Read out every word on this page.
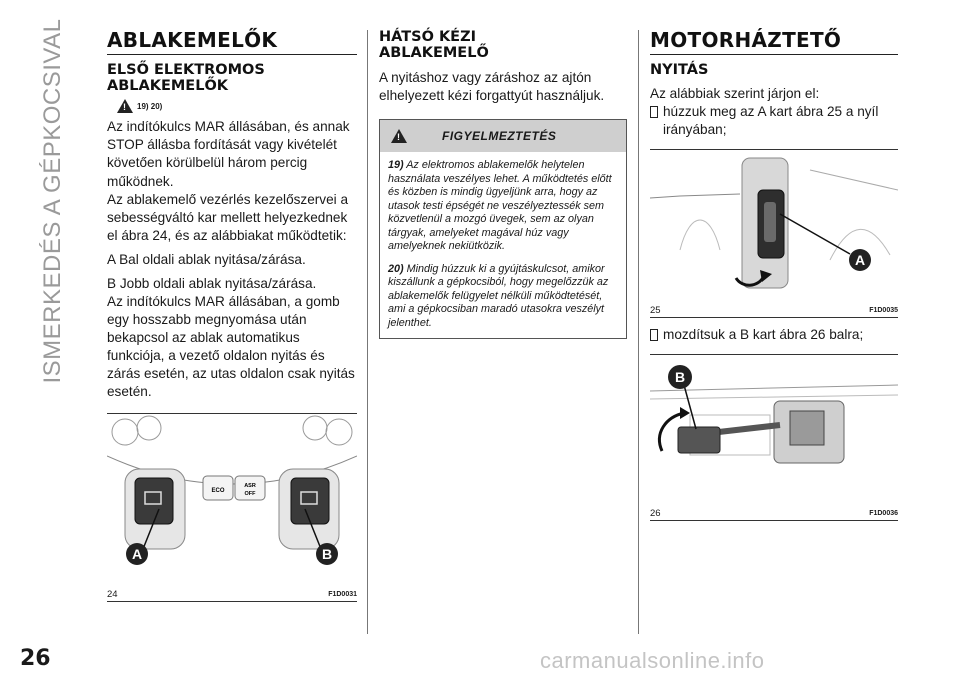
ISMERKEDÉS A GÉPKOCSIVAL ABLAKEMELŐK
ELSŐ ELEKTROMOS ABLAKEMELŐK
! 19) 20)

Az indítókulcs MAR állásában, és annak STOP állásba fordítását vagy kivételét követően körülbelül három percig működnek.

Az ablakemelő vezérlés kezelőszervei a sebességváltó kar mellett helyezkednek el ábra 24, és az alábbiakat működtetik:

A Bal oldali ablak nyitása/zárása.

B Jobb oldali ablak nyitása/zárása.

Az indítókulcs MAR állásában, a gomb egy hosszabb megnyomása után bekapcsol az ablak automatikus funkciója, a vezető oldalon nyitás és zárás esetén, az utas oldalon csak nyitás esetén.

ECO
ASR
OFF
A	B
24	F1D0031
HÁTSÓ KÉZI ABLAKEMELŐ

A nyitáshoz vagy záráshoz az ajtón elhelyezett kézi forgattyút használjuk.

!	FIGYELMEZTETÉS
19) Az elektromos ablakemelők helytelen használata veszélyes lehet. A működtetés előtt és közben is mindig ügyeljünk arra, hogy az utasok testi épségét ne veszélyeztessék sem közvetlenül a mozgó üvegek, sem az olyan tárgyak, amelyeket magával húz vagy amelyeknek nekiütközik.
20) Mindig húzzuk ki a gyújtáskulcsot, amikor kiszállunk a gépkocsiból, hogy megelőzzük az ablakemelők felügyelet nélküli működtetését, ami a gépkocsiban maradó utasokra veszélyt jelenthet.
MOTORHÁZTETŐ
NYITÁS

Az alábbiak szerint járjon el:

húzzuk meg az A kart ábra 25 a nyíl irányában;
A
25	F1D0035
mozdítsuk a B kart ábra 26 balra;
B
26	F1D0036
26	carmanualsonline.info
